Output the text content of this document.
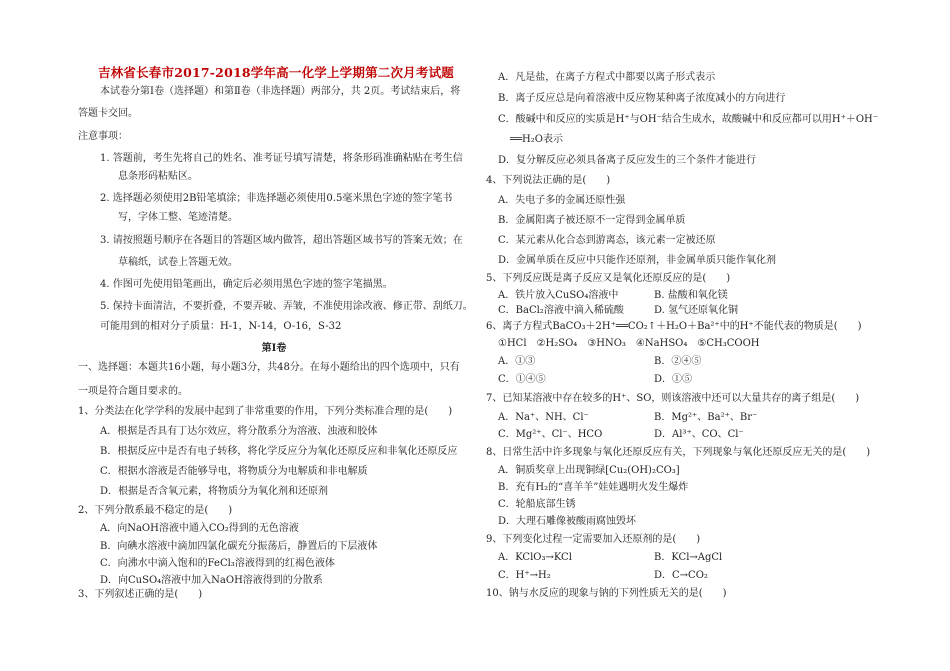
吉林省长春市2017-2018学年高一化学上学期第二次月考试题
本试卷分第Ⅰ卷（选择题）和第Ⅱ卷（非选择题）两部分，共 2页。考试结束后，将
答题卡交回。
注意事项：
1. 答题前，考生先将自己的姓名、准考证号填写清楚，将条形码准确粘贴在考生信
息条形码粘贴区。
2. 选择题必须使用2B铅笔填涂；非选择题必须使用0.5毫米黑色字迹的签字笔书
写，字体工整、笔迹清楚。
3. 请按照题号顺序在各题目的答题区域内做答，超出答题区域书写的答案无效；在
草稿纸，试卷上答题无效。
4. 作图可先使用铅笔画出，确定后必须用黑色字迹的签字笔描黑。
5. 保持卡面清洁，不要折叠，不要弄破、弄皱，不准使用涂改液、修正带、刮纸刀。
可能用到的相对分子质量：H-1，N-14，O-16，S-32
第Ⅰ卷
一、选择题：本题共16小题，每小题3分，共48分。在每小题给出的四个选项中，只有
一项是符合题目要求的。
1、分类法在化学学科的发展中起到了非常重要的作用，下列分类标准合理的是(　　)
A．根据是否具有丁达尔效应，将分散系分为溶液、浊液和胶体
B．根据反应中是否有电子转移，将化学反应分为氧化还原反应和非氧化还原反应
C．根据水溶液是否能够导电，将物质分为电解质和非电解质
D．根据是否含氧元素，将物质分为氧化剂和还原剂
2、下列分散系最不稳定的是(　　)
A．向NaOH溶液中通入CO₂得到的无色溶液
B．向碘水溶液中滴加四氯化碳充分振荡后，静置后的下层液体
C．向沸水中滴入饱和的FeCl₃溶液得到的红褐色液体
D．向CuSO₄溶液中加入NaOH溶液得到的分散系
3、下列叙述正确的是(　　)
A．凡是盐，在离子方程式中都要以离子形式表示
B．离子反应总是向着溶液中反应物某种离子浓度减小的方向进行
C．酸碱中和反应的实质是H⁺与OH⁻结合生成水，故酸碱中和反应都可以用H⁺＋OH⁻
══H₂O表示
D．复分解反应必须具备离子反应发生的三个条件才能进行
4、下列说法正确的是(　　)
A．失电子多的金属还原性强
B．金属阳离子被还原不一定得到金属单质
C．某元素从化合态到游离态，该元素一定被还原
D．金属单质在反应中只能作还原剂，非金属单质只能作氧化剂
5、下列反应既是离子反应又是氧化还原反应的是(　　)
A．铁片放入CuSO₄溶液中	B. 盐酸和氧化镁
C．BaCl₂溶液中滴入稀硫酸	D. 氢气还原氧化铜
6、离子方程式BaCO₃＋2H⁺══CO₂↑＋H₂O＋Ba²⁺中的H⁺不能代表的物质是(　　)
①HCl　②H₂SO₄　③HNO₃　④NaHSO₄　⑤CH₃COOH
A．①③	B．②④⑤
C．①④⑤	D．①⑤
7、已知某溶液中存在较多的H⁺、SO，则该溶液中还可以大量共存的离子组是(　　)
A．Na⁺、NH、Cl⁻	B．Mg²⁺、Ba²⁺、Br⁻
C．Mg²⁺、Cl⁻、HCO	D．Al³⁺、CO、Cl⁻
8、日常生活中许多现象与氧化还原反应有关，下列现象与氧化还原反应无关的是(　　)
A．铜质奖章上出现铜绿[Cu₂(OH)₂CO₃]
B．充有H₂的“喜羊羊”娃娃遇明火发生爆炸
C．轮船底部生锈
D．大理石雕像被酸雨腐蚀毁坏
9、下列变化过程一定需要加入还原剂的是(　　)
A．KClO₃→KCl	B．KCl→AgCl
C．H⁺→H₂	D．C→CO₂
10、钠与水反应的现象与钠的下列性质无关的是(　　)
